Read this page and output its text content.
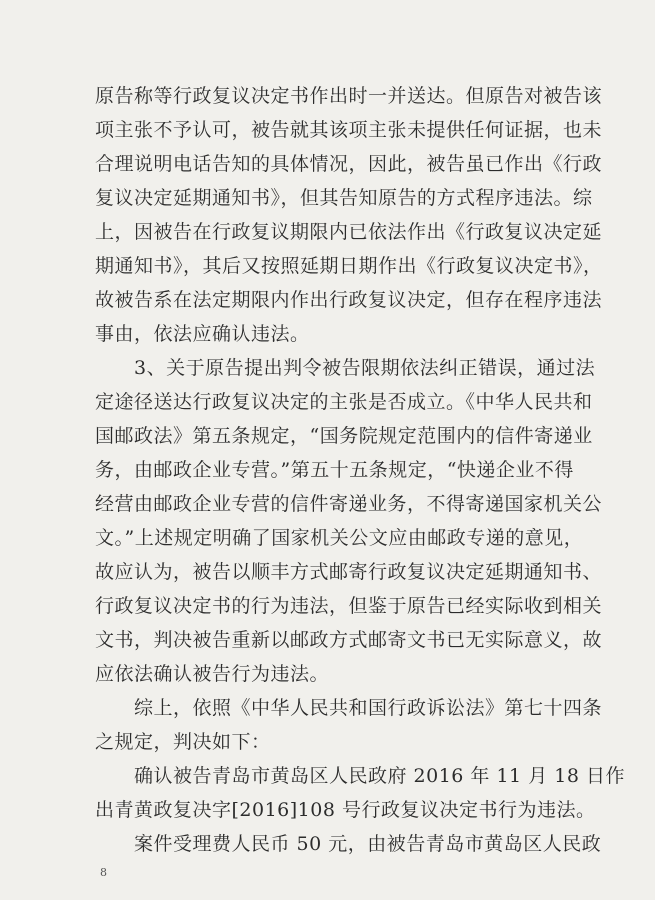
原告称等行政复议决定书作出时一并送达。但原告对被告该
项主张不予认可，被告就其该项主张未提供任何证据，也未
合理说明电话告知的具体情况，因此，被告虽已作出《行政
复议决定延期通知书》，但其告知原告的方式程序违法。综
上，因被告在行政复议期限内已依法作出《行政复议决定延
期通知书》，其后又按照延期日期作出《行政复议决定书》，
故被告系在法定期限内作出行政复议决定，但存在程序违法
事由，依法应确认违法。
3、关于原告提出判令被告限期依法纠正错误，通过法
定途径送达行政复议决定的主张是否成立。《中华人民共和
国邮政法》第五条规定，“国务院规定范围内的信件寄递业
务，由邮政企业专营。”第五十五条规定，“快递企业不得
经营由邮政企业专营的信件寄递业务，不得寄递国家机关公
文。”上述规定明确了国家机关公文应由邮政专递的意见，
故应认为，被告以顺丰方式邮寄行政复议决定延期通知书、
行政复议决定书的行为违法，但鉴于原告已经实际收到相关
文书，判决被告重新以邮政方式邮寄文书已无实际意义，故
应依法确认被告行为违法。
综上，依照《中华人民共和国行政诉讼法》第七十四条
之规定，判决如下：
确认被告青岛市黄岛区人民政府 2016 年 11 月 18 日作
出青黄政复决字[2016]108 号行政复议决定书行为违法。
案件受理费人民币 50 元，由被告青岛市黄岛区人民政
8
